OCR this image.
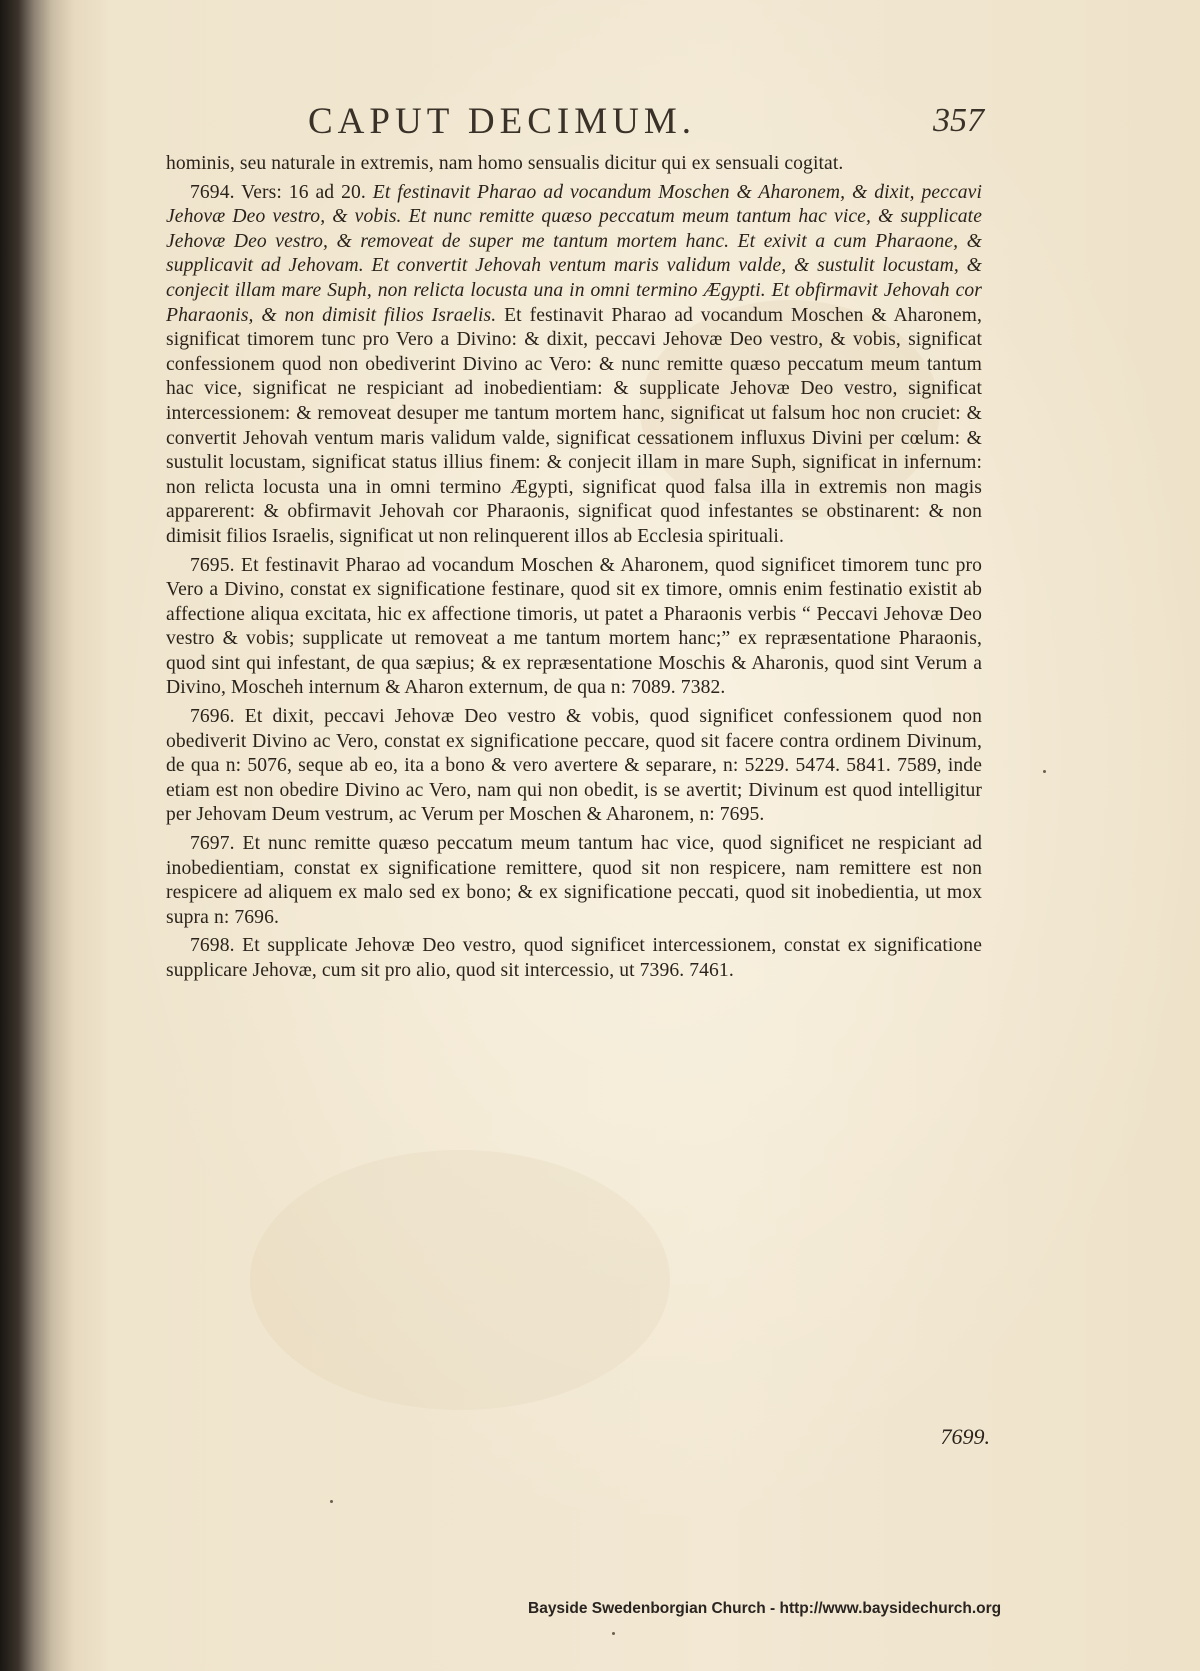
CAPUT DECIMUM.	357

hominis, seu naturale in extremis, nam homo sensualis dicitur qui ex sensuali cogitat.

7694. Vers: 16 ad 20. Et festinavit Pharao ad vocandum Moschen & Aharonem, & dixit, peccavi Jehovæ Deo vestro, & vobis. Et nunc remitte quæso peccatum meum tantum hac vice, & supplicate Jehovæ Deo vestro, & removeat de super me tantum mortem hanc. Et exivit a cum Pharaone, & supplicavit ad Jehovam. Et convertit Jehovah ventum maris validum valde, & sustulit locustam, & conjecit illam mare Suph, non relicta locusta una in omni termino Ægypti. Et obfirmavit Jehovah cor Pharaonis, & non dimisit filios Israelis. Et festinavit Pharao ad vocandum Moschen & Aharonem, significat timorem tunc pro Vero a Divino: & dixit, peccavi Jehovæ Deo vestro, & vobis, significat confessionem quod non obediverint Divino ac Vero: & nunc remitte quæso peccatum meum tantum hac vice, significat ne respiciant ad inobedientiam: & supplicate Jehovæ Deo vestro, significat intercessionem: & removeat desuper me tantum mortem hanc, significat ut falsum hoc non cruciet: & convertit Jehovah ventum maris validum valde, significat cessationem influxus Divini per cœlum: & sustulit locustam, significat status illius finem: & conjecit illam in mare Suph, significat in infernum: non relicta locusta una in omni termino Ægypti, significat quod falsa illa in extremis non magis apparerent: & obfirmavit Jehovah cor Pharaonis, significat quod infestantes se obstinarent: & non dimisit filios Israelis, significat ut non relinquerent illos ab Ecclesia spirituali.

7695. Et festinavit Pharao ad vocandum Moschen & Aharonem, quod significet timorem tunc pro Vero a Divino, constat ex significatione festinare, quod sit ex timore, omnis enim festinatio existit ab affectione aliqua excitata, hic ex affectione timoris, ut patet a Pharaonis verbis “ Peccavi Jehovæ Deo vestro & vobis; supplicate ut removeat a me tantum mortem hanc;” ex repræsentatione Pharaonis, quod sint qui infestant, de qua sæpius; & ex repræsentatione Moschis & Aharonis, quod sint Verum a Divino, Moscheh internum & Aharon externum, de qua n: 7089. 7382.

7696. Et dixit, peccavi Jehovæ Deo vestro & vobis, quod significet confessionem quod non obediverit Divino ac Vero, constat ex significatione peccare, quod sit facere contra ordinem Divinum, de qua n: 5076, seque ab eo, ita a bono & vero avertere & separare, n: 5229. 5474. 5841. 7589, inde etiam est non obedire Divino ac Vero, nam qui non obedit, is se avertit; Divinum est quod intelligitur per Jehovam Deum vestrum, ac Verum per Moschen & Aharonem, n: 7695.

7697. Et nunc remitte quæso peccatum meum tantum hac vice, quod significet ne respiciant ad inobedientiam, constat ex significatione remittere, quod sit non respicere, nam remittere est non respicere ad aliquem ex malo sed ex bono; & ex significatione peccati, quod sit inobedientia, ut mox supra n: 7696.

7698. Et supplicate Jehovæ Deo vestro, quod significet intercessionem, constat ex significatione supplicare Jehovæ, cum sit pro alio, quod sit intercessio, ut 7396. 7461.

7699.
Bayside Swedenborgian Church - http://www.baysidechurch.org
